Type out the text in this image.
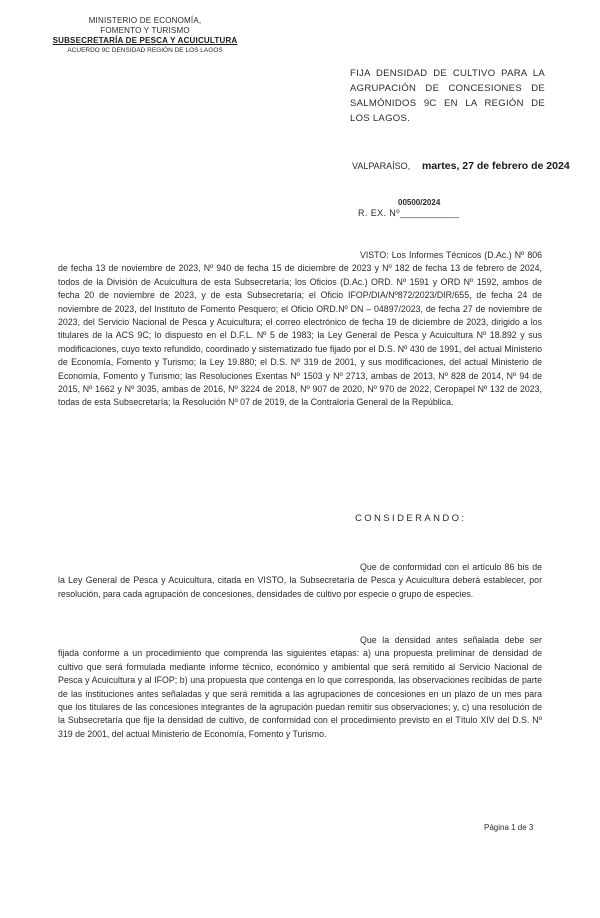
MINISTERIO DE ECONOMÍA,
FOMENTO Y TURISMO
SUBSECRETARÍA DE PESCA Y ACUICULTURA
ACUERDO 9C DENSIDAD REGIÓN DE LOS LAGOS
FIJA DENSIDAD DE CULTIVO PARA LA AGRUPACIÓN DE CONCESIONES DE SALMÓNIDOS 9C EN LA REGIÓN DE LOS LAGOS.
VALPARAÍSO, martes, 27 de febrero de 2024
00500/2024
R. EX. Nº___________
VISTO: Los Informes Técnicos (D.Ac.) Nº 806 de fecha 13 de noviembre de 2023, Nº 940 de fecha 15 de diciembre de 2023 y Nº 182 de fecha 13 de febrero de 2024, todos de la División de Acuicultura de esta Subsecretaría; los Oficios (D.Ac.) ORD. Nº 1591 y ORD Nº 1592, ambos de fecha 20 de noviembre de 2023, y de esta Subsecretaría; el Oficio IFOP/DIA/Nº872/2023/DIR/655, de fecha 24 de noviembre de 2023, del Instituto de Fomento Pesquero; el Oficio ORD.Nº DN – 04897/2023, de fecha 27 de noviembre de 2023, del Servicio Nacional de Pesca y Acuicultura; el correo electrónico de fecha 19 de diciembre de 2023, dirigido a los titulares de la ACS 9C; lo dispuesto en el D.F.L. Nº 5 de 1983; la Ley General de Pesca y Acuicultura Nº 18.892 y sus modificaciones, cuyo texto refundido, coordinado y sistematizado fue fijado por el D.S. Nº 430 de 1991, del actual Ministerio de Economía, Fomento y Turismo; la Ley 19.880; el D.S. Nº 319 de 2001, y sus modificaciones, del actual Ministerio de Economía, Fomento y Turismo; las Resoluciones Exentas Nº 1503 y Nº 2713, ambas de 2013, Nº 828 de 2014, Nº 94 de 2015, Nº 1662 y Nº 3035, ambas de 2016, Nº 3224 de 2018, Nº 907 de 2020, Nº 970 de 2022, Ceropapel Nº 132 de 2023, todas de esta Subsecretaría; la Resolución Nº 07 de 2019, de la Contraloría General de la República.
CONSIDERANDO:
Que de conformidad con el artículo 86 bis de la Ley General de Pesca y Acuicultura, citada en VISTO, la Subsecretaría de Pesca y Acuicultura deberá establecer, por resolución, para cada agrupación de concesiones, densidades de cultivo por especie o grupo de especies.
Que la densidad antes señalada debe ser fijada conforme a un procedimiento que comprenda las siguientes etapas: a) una propuesta preliminar de densidad de cultivo que será formulada mediante informe técnico, económico y ambiental que será remitido al Servicio Nacional de Pesca y Acuicultura y al IFOP; b) una propuesta que contenga en lo que corresponda, las observaciones recibidas de parte de las instituciones antes señaladas y que será remitida a las agrupaciones de concesiones en un plazo de un mes para que los titulares de las concesiones integrantes de la agrupación puedan remitir sus observaciones; y, c) una resolución de la Subsecretaría que fije la densidad de cultivo, de conformidad con el procedimiento previsto en el Título XIV del D.S. Nº 319 de 2001, del actual Ministerio de Economía, Fomento y Turismo.
Página 1 de 3
